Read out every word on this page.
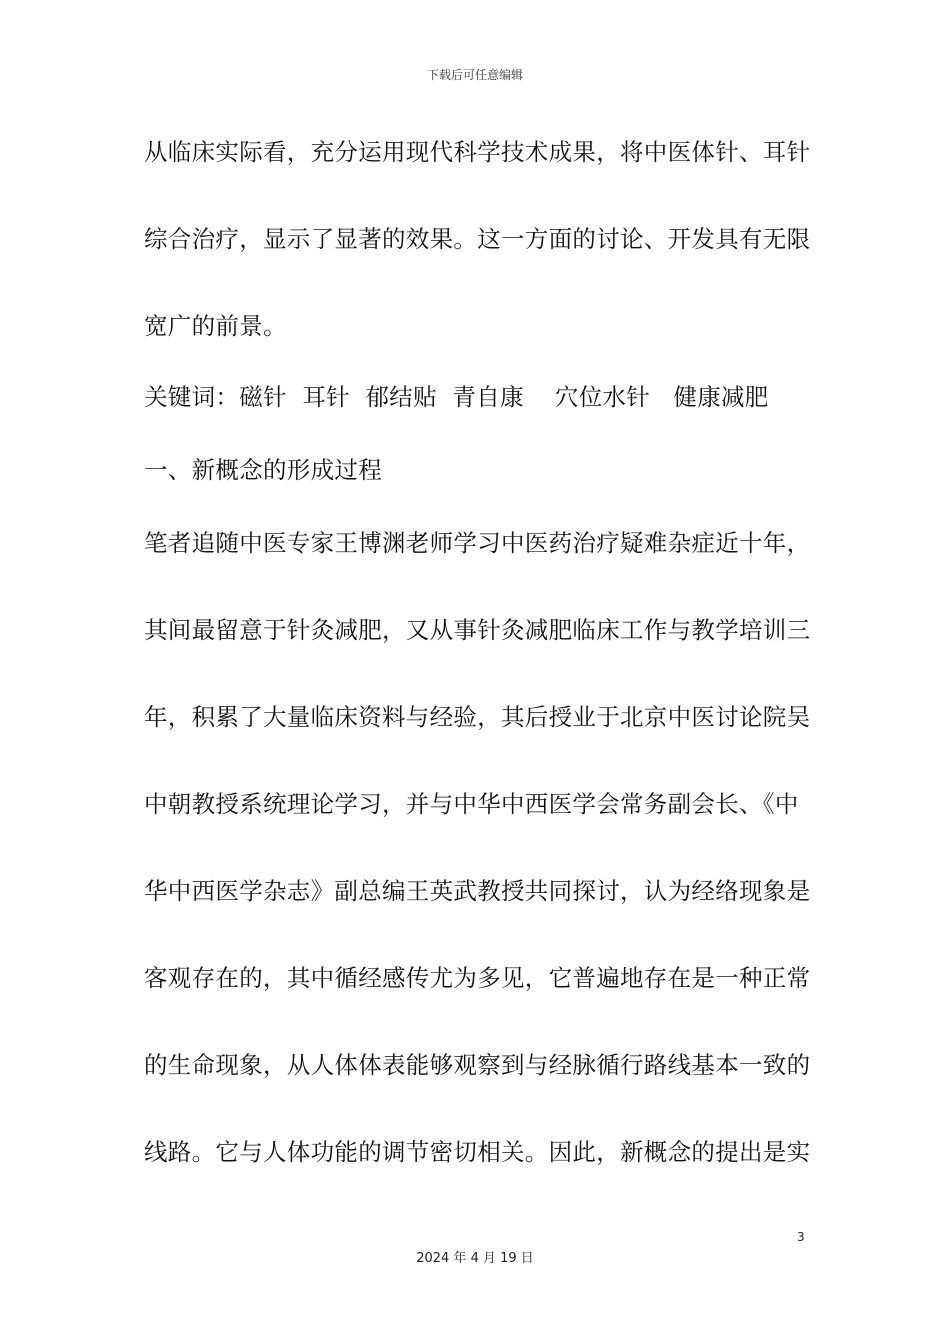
下载后可任意编辑
从临床实际看，充分运用现代科学技术成果，将中医体针、耳针
综合治疗，显示了显著的效果。这一方面的讨论、开发具有无限
宽广的前景。
关键词：磁针  耳针  郁结贴  青自康    穴位水针   健康减肥
一、新概念的形成过程
笔者追随中医专家王博渊老师学习中医药治疗疑难杂症近十年，
其间最留意于针灸减肥，又从事针灸减肥临床工作与教学培训三
年，积累了大量临床资料与经验，其后授业于北京中医讨论院吴
中朝教授系统理论学习，并与中华中西医学会常务副会长、《中
华中西医学杂志》副总编王英武教授共同探讨，认为经络现象是
客观存在的，其中循经感传尤为多见，它普遍地存在是一种正常
的生命现象，从人体体表能够观察到与经脉循行路线基本一致的
线路。它与人体功能的调节密切相关。因此，新概念的提出是实
3
2024 年 4 月 19 日
